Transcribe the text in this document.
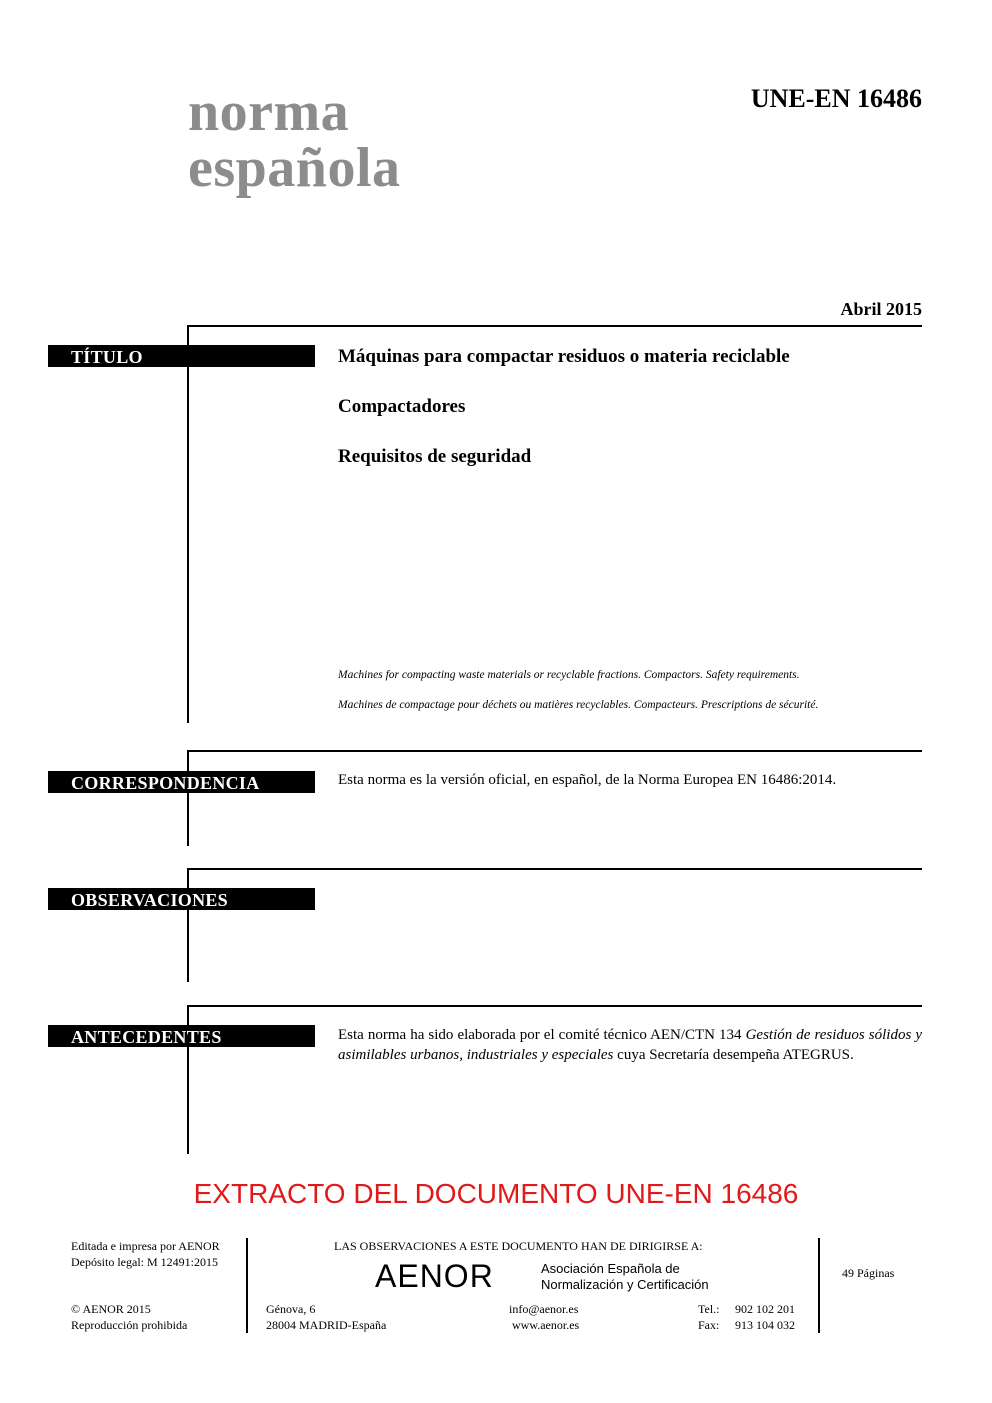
norma
española
UNE-EN 16486
Abril 2015
TÍTULO	Máquinas para compactar residuos o materia reciclable
Compactadores
Requisitos de seguridad
Machines for compacting waste materials or recyclable fractions. Compactors. Safety requirements.
Machines de compactage pour déchets ou matières recyclables. Compacteurs. Prescriptions de sécurité.
CORRESPONDENCIA	Esta norma es la versión oficial, en español, de la Norma Europea EN 16486:2014.
OBSERVACIONES
ANTECEDENTES	Esta norma ha sido elaborada por el comité técnico AEN/CTN 134 Gestión de residuos sólidos y asimilables urbanos, industriales y especiales cuya Secretaría desempeña ATEGRUS.
EXTRACTO DEL DOCUMENTO UNE-EN 16486
Editada e impresa por AENOR
Depósito legal: M 12491:2015
© AENOR 2015
Reproducción prohibida
LAS OBSERVACIONES A ESTE DOCUMENTO HAN DE DIRIGIRSE A:
AENOR	Asociación Española de
Normalización y Certificación
Génova, 6
28004 MADRID-España
info@aenor.es
www.aenor.es
Tel.: 902 102 201
Fax: 913 104 032
49 Páginas
